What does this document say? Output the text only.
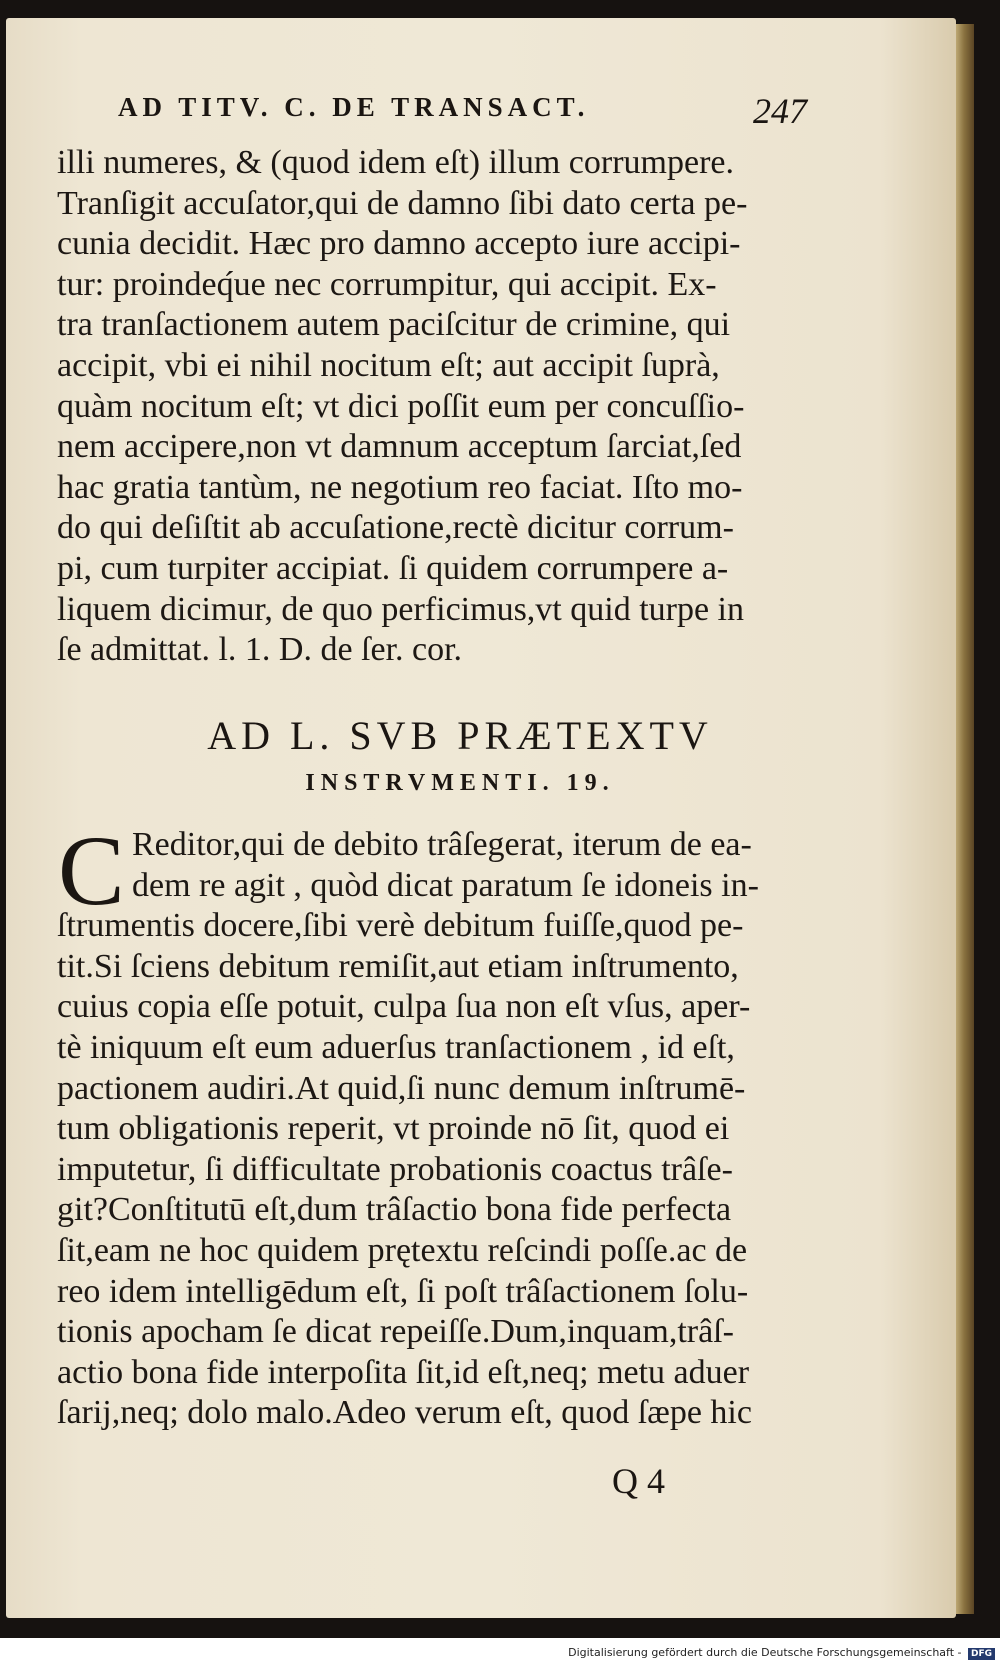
AD TITV. C. DE TRANSACT.	247
illi numeres, & (quod idem eſt) illum corrumpere.
Tranſigit accuſator,qui de damno ſibi dato certa pe-
cunia decidit. Hæc pro damno accepto iure accipi-
tur: proindeq́ue nec corrumpitur, qui accipit. Ex-
tra tranſactionem autem paciſcitur de crimine, qui
accipit, vbi ei nihil nocitum eſt; aut accipit ſuprà,
quàm nocitum eſt; vt dici poſſit eum per concuſſio-
nem accipere,non vt damnum acceptum ſarciat,ſed
hac gratia tantùm, ne negotium reo faciat. Iſto mo-
do qui deſiſtit ab accuſatione,rectè dicitur corrum-
pi, cum turpiter accipiat. ſi quidem corrumpere a-
liquem dicimur, de quo perficimus,vt quid turpe in
ſe admittat. l. 1. D. de ſer. cor.
AD L. SVB PRÆTEXTV
INSTRVMENTI. 19.
C Reditor,qui de debito trâſegerat, iterum de ea-
dem re agit , quòd dicat paratum ſe idoneis in-
ſtrumentis docere,ſibi verè debitum fuiſſe,quod pe-
tit.Si ſciens debitum remiſit,aut etiam inſtrumento,
cuius copia eſſe potuit, culpa ſua non eſt vſus, aper-
tè iniquum eſt eum aduerſus tranſactionem , id eſt,
pactionem audiri.At quid,ſi nunc demum inſtrumē-
tum obligationis reperit, vt proinde nō ſit, quod ei
imputetur, ſi difficultate probationis coactus trâſe-
git?Conſtitutū eſt,dum trâſactio bona fide perfecta
ſit,eam ne hoc quidem prętextu reſcindi poſſe.ac de
reo idem intelligēdum eſt, ſi poſt trâſactionem ſolu-
tionis apocham ſe dicat repeiſſe.Dum,inquam,trâſ-
actio bona fide interpoſita ſit,id eſt,neq; metu aduer
ſarij,neq; dolo malo.Adeo verum eſt, quod ſæpe hic
Q 4
Digitalisierung gefördert durch die Deutsche Forschungsgemeinschaft - DFG
